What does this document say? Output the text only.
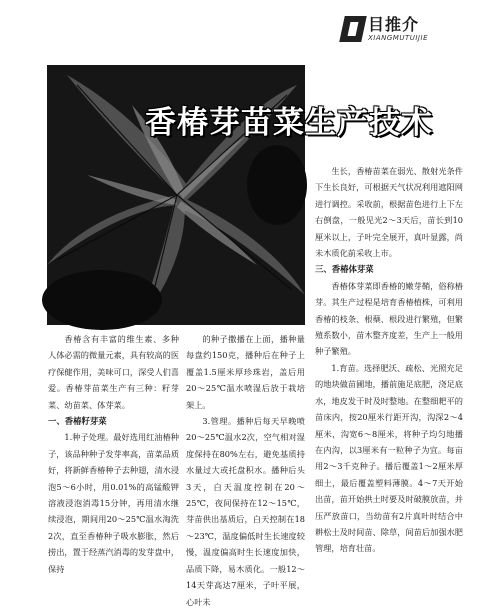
目推介
XIANGMUTUIJIE
香椿芽苗菜生产技术

香椿含有丰富的维生素、多种人体必需的微量元素，具有较高的医疗保健作用，美味可口，深受人们喜爱。香椿芽苗菜生产有三种：籽芽菜、幼苗菜、体芽菜。

一、香椿籽芽菜

1.种子处理。最好选用红油椿种子，该品种种子发芽率高，苗菜品质好，将新鲜香椿种子去种翅，清水浸泡5～6小时，用0.01%的高锰酸钾溶液浸泡消毒15分钟，再用清水继续浸泡，期间用20～25℃温水淘洗2次，直至香椿种子吸水膨胀，然后捞出，置于经蒸汽消毒的发芽盘中，保持

的种子撒播在上面，播种量每盘约150克，播种后在种子上覆盖1.5厘米厚珍珠岩，盖后用20～25℃温水喷湿后放于栽培架上。

3.管理。播种后每天早晚喷20～25℃温水2次，空气相对湿度保持在80%左右，避免基质持水量过大或托盘积水。播种后头3天，白天温度控制在20～25℃，夜间保持在12～15℃，芽苗供出基质后，白天控制在18～23℃，温度偏低时生长速度较慢，温度偏高时生长速度加快，品质下降，易木质化。一般12～14天芽高达7厘米，子叶平展，心叶未

生长，香椿苗菜在弱光、散射光条件下生长良好，可根据天气状况利用遮阳网进行调控。采收前，根据苗色进行上下左右倒盘，一般见光2～3天后，苗长到10厘米以上，子叶完全展开，真叶显露，尚未木质化前采收上市。

三、香椿体芽菜

香椿体芽菜即香椿的嫩芽鞘，俗称椿芽。其生产过程是培育香椿植株，可利用香椿的枝条、根蘖、根段进行繁殖，但繁殖系数小，苗木整齐度差，生产上一般用种子繁殖。

1.育苗。选择肥沃、疏松、光照充足的地块做苗圃地，播前施足底肥，浇足底水，地皮发干时及时整地。在整细耙平的苗床内，按20厘米行距开沟，沟深2～4厘米，沟宽6～8厘米，将种子均匀地播在内沟，以3厘米有一粒种子为宜。每亩用2～3千克种子。播后覆盖1～2厘米厚细土，最后覆盖塑料薄膜。4～7天开始出苗，苗开始拱土时要及时破膜放苗，并压严放苗口，当幼苗有2片真叶时结合中耕松土及时间苗、除草，间苗后加强水肥管理，培育壮苗。
